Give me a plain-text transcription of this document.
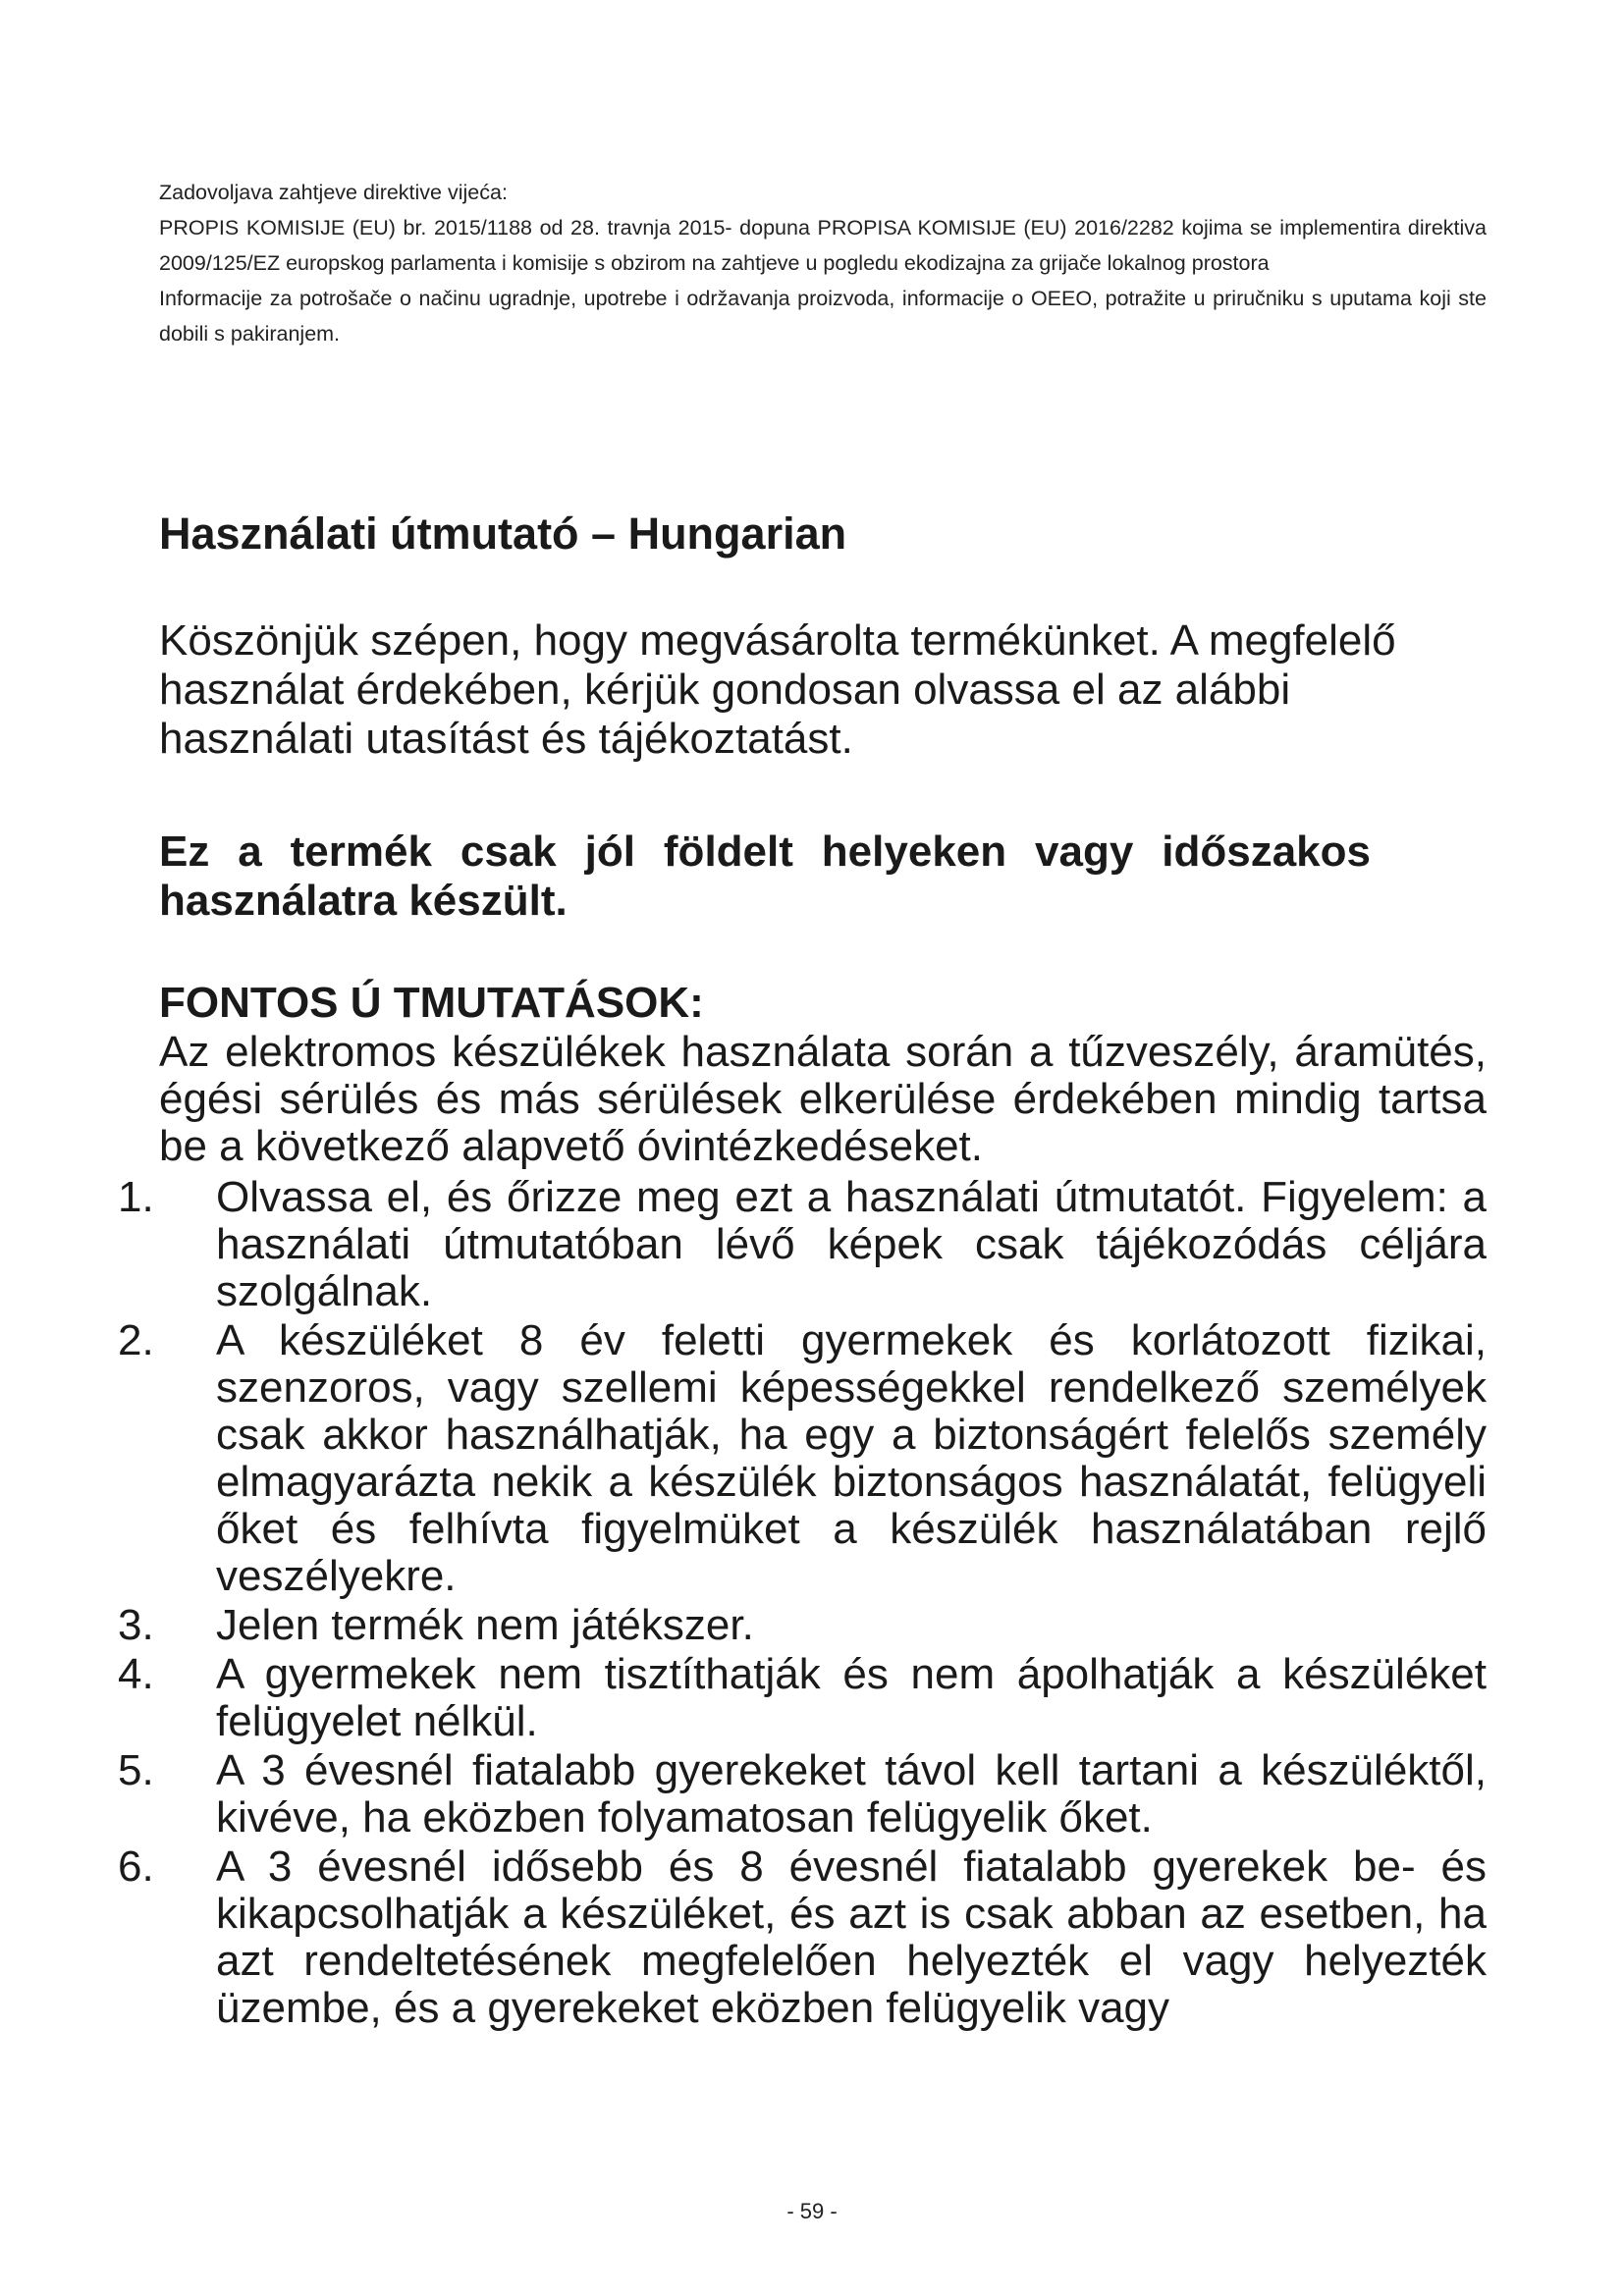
Zadovoljava zahtjeve direktive vijeća:

PROPIS KOMISIJE (EU) br. 2015/1188 od 28. travnja 2015- dopuna PROPISA KOMISIJE (EU) 2016/2282 kojima se implementira direktiva 2009/125/EZ europskog parlamenta i komisije s obzirom na zahtjeve u pogledu ekodizajna za grijače lokalnog prostora

Informacije za potrošače o načinu ugradnje, upotrebe i održavanja proizvoda, informacije o OEEO, potražite u priručniku s uputama koji ste dobili s pakiranjem.

Használati útmutató – Hungarian

Köszönjük szépen, hogy megvásárolta termékünket. A megfelelő használat érdekében, kérjük gondosan olvassa el az alábbi használati utasítást és tájékoztatást.

Ez a termék csak jól földelt helyeken vagy időszakos használatra készült.

FONTOS Ú TMUTATÁSOK:

Az elektromos készülékek használata során a tűzveszély, áramütés, égési sérülés és más sérülések elkerülése érdekében mindig tartsa be a következő alapvető óvintézkedéseket.

1.	Olvassa el, és őrizze meg ezt a használati útmutatót. Figyelem: a használati útmutatóban lévő képek csak tájékozódás céljára szolgálnak.
2.	A készüléket 8 év feletti gyermekek és korlátozott fizikai, szenzoros, vagy szellemi képességekkel rendelkező személyek csak akkor használhatják, ha egy a biztonságért felelős személy elmagyarázta nekik a készülék biztonságos használatát, felügyeli őket és felhívta figyelmüket a készülék használatában rejlő veszélyekre.
3.	Jelen termék nem játékszer.
4.	A gyermekek nem tisztíthatják és nem ápolhatják a készüléket felügyelet nélkül.
5.	A 3 évesnél fiatalabb gyerekeket távol kell tartani a készüléktől, kivéve, ha eközben folyamatosan felügyelik őket.
6.	A 3 évesnél idősebb és 8 évesnél fiatalabb gyerekek be- és kikapcsolhatják a készüléket, és azt is csak abban az esetben, ha azt rendeltetésének megfelelően helyezték el vagy helyezték üzembe, és a gyerekeket eközben felügyelik vagy
- 59 -
